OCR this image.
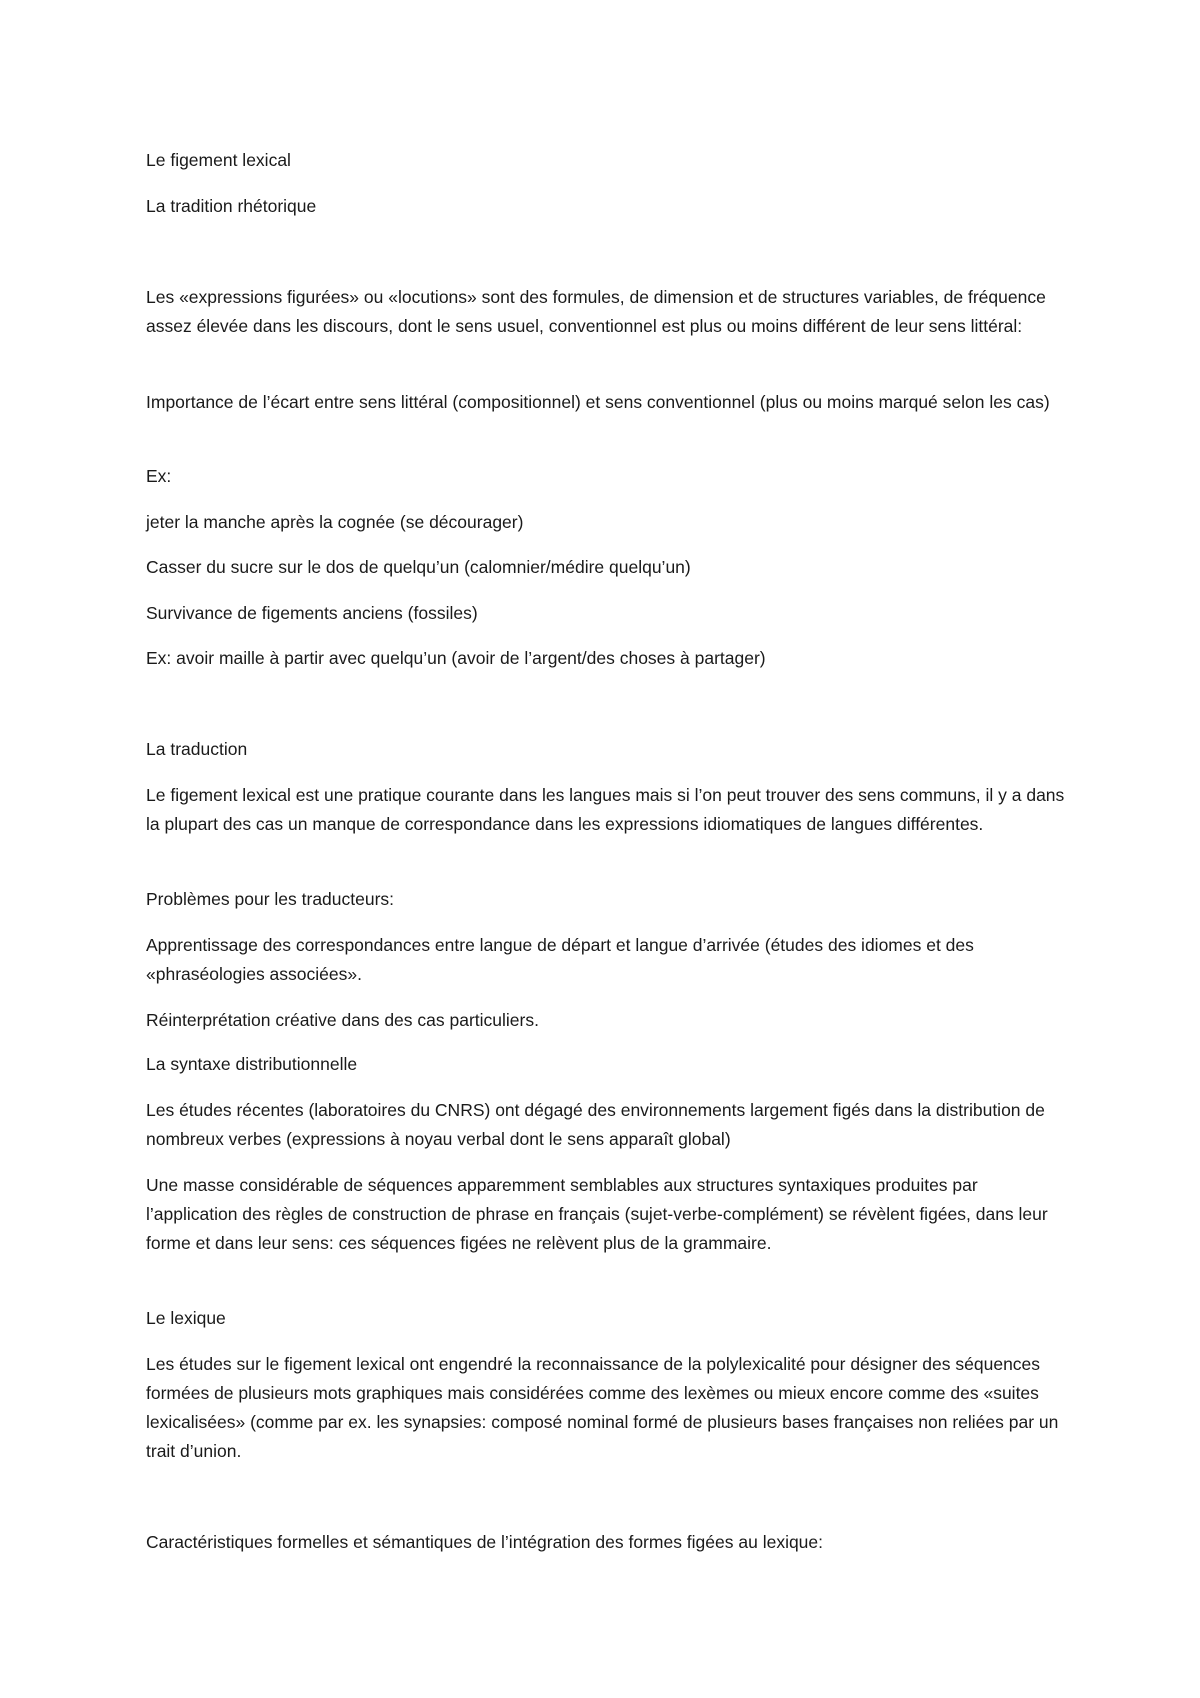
Le figement lexical

La tradition rhétorique

Les «expressions figurées» ou «locutions» sont des formules, de dimension et de structures variables, de fréquence assez élevée dans les discours, dont le sens usuel, conventionnel est plus ou moins différent de leur sens littéral:

Importance de l’écart entre sens littéral (compositionnel) et sens conventionnel (plus ou moins marqué selon les cas)

Ex:

jeter la manche après la cognée (se décourager)

Casser du sucre sur le dos de quelqu’un (calomnier/médire quelqu’un)

Survivance de figements anciens (fossiles)

Ex: avoir maille à partir avec quelqu’un (avoir de l’argent/des choses à partager)

La traduction

Le figement lexical est une pratique courante dans les langues mais si l’on peut trouver des sens communs, il y a dans la plupart des cas un manque de correspondance dans les expressions idiomatiques de langues différentes.

Problèmes pour les traducteurs:

Apprentissage des correspondances entre langue de départ et langue d’arrivée (études des idiomes et des «phraséologies associées».

Réinterprétation créative dans des cas particuliers.

La syntaxe distributionnelle

Les études récentes (laboratoires du CNRS) ont dégagé des environnements largement figés dans la distribution de nombreux verbes (expressions à noyau verbal dont le sens apparaît global)

Une masse considérable de séquences apparemment semblables aux structures syntaxiques produites par l’application des règles de construction de phrase en français (sujet-verbe-complément) se révèlent figées, dans leur forme et dans leur sens: ces séquences figées ne relèvent plus de la grammaire.

Le lexique

Les études sur le figement lexical ont engendré la reconnaissance de la polylexicalité pour désigner des séquences formées de plusieurs mots graphiques mais considérées comme des lexèmes ou mieux encore comme des «suites lexicalisées» (comme par ex. les synapsies: composé nominal formé de plusieurs bases françaises non reliées par un trait d’union.

Caractéristiques formelles et sémantiques de l’intégration des formes figées au lexique:
